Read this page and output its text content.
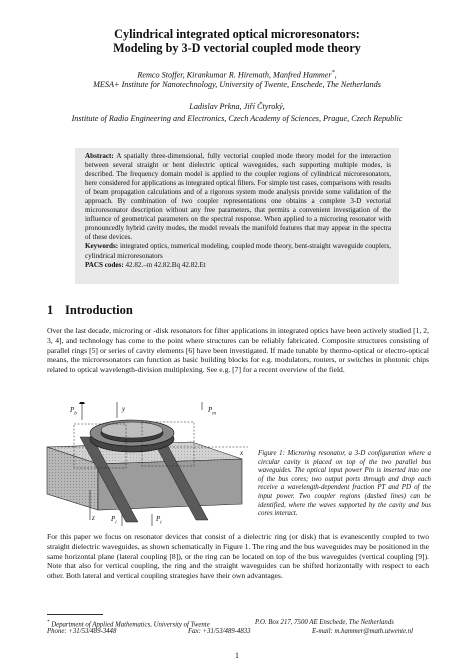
Cylindrical integrated optical microresonators:
Modeling by 3-D vectorial coupled mode theory
Remco Stoffer, Kirankumar R. Hiremath, Manfred Hammer*,
MESA+ Institute for Nanotechnology, University of Twente, Enschede, The Netherlands
Ladislav Prkna, Jiří Čtyroký,
Institute of Radio Engineering and Electronics, Czech Academy of Sciences, Prague, Czech Republic

Abstract: A spatially three-dimensional, fully vectorial coupled mode theory model for the interaction between several straight or bent dielectric optical waveguides, each supporting multiple modes, is described. The frequency domain model is applied to the coupler regions of cylindrical microresonators, here considered for applications as integrated optical filters. For simple test cases, comparisons with results of beam propagation calculations and of a rigorous system mode analysis provide some validation of the approach. By combination of two coupler representations one obtains a complete 3-D vectorial microresonator description without any free parameters, that permits a convenient investigation of the influence of geometrical parameters on the spectral response. When applied to a microring resonator with pronouncedly hybrid cavity modes, the model reveals the manifold features that may appear in the spectra of these devices.

Keywords: integrated optics, numerical modeling, coupled mode theory, bent-straight waveguide couplers, cylindrical microresonators

PACS codes: 42.82.–m 42.82.Bq 42.82.Et

1 Introduction

Over the last decade, microring or -disk resonators for filter applications in integrated optics have been actively studied [1, 2, 3, 4], and technology has come to the point where structures can be reliably fabricated. Composite structures consisting of parallel rings [5] or series of cavity elements [6] have been investigated. If made tunable by thermo-optical or electro-optical means, the microresonators can function as basic building blocks for e.g. modulators, routers, or switches in photonic chips related to optical wavelength-division multiplexing. See e.g. [7] for a recent overview of the field.

$P_b$
y	$P_m$
x
z $P_i$	$P_t$
Figure 1: Microring resonator, a 3-D configuration where a circular cavity is placed on top of the two parallel bus waveguides. The optical input power Pin is inserted into one of the bus cores; two output ports through and drop each receive a wavelength-dependent fraction PT and PD of the input power. Two coupler regions (dashed lines) can be identified, where the waves supported by the cavity and bus cores interact.

For this paper we focus on resonator devices that consist of a dielectric ring (or disk) that is evanescently coupled to two straight dielectric waveguides, as shown schematically in Figure 1. The ring and the bus waveguides may be positioned in the same horizontal plane (lateral coupling [8]), or the ring can be located on top of the bus waveguides (vertical coupling [9]). Note that also for vertical coupling, the ring and the straight waveguides can be shifted horizontally with respect to each other. Both lateral and vertical coupling strategies have their own advantages.

* Department of Applied Mathematics, University of Twente	P.O. Box 217, 7500 AE Enschede, The Netherlands
Phone: +31/53/489-3448	Fax: +31/53/489-4833	E-mail: m.hammer@math.utwente.nl
1
